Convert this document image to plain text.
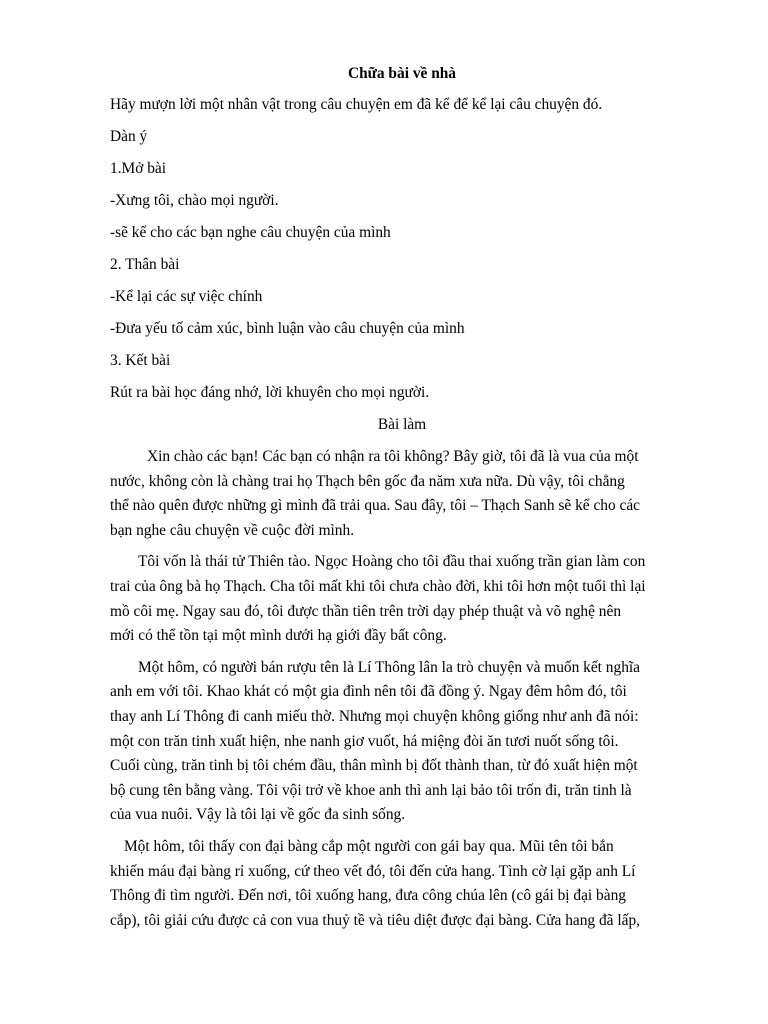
Chữa bài về nhà
Hãy mượn lời một nhân vật trong câu chuyện em đã kể để kể lại câu chuyện đó.
Dàn ý
1.Mở bài
-Xưng tôi, chào mọi người.
-sẽ kể cho các bạn nghe câu chuyện của mình
2. Thân bài
-Kể lại các sự việc chính
-Đưa yếu tố cảm xúc, bình luận vào câu chuyện của mình
3. Kết bài
Rút ra bài học đáng nhớ, lời khuyên cho mọi người.
Bài làm
Xin chào các bạn! Các bạn có nhận ra tôi không? Bây giờ, tôi đã là vua của một
nước, không còn là chàng trai họ Thạch bên gốc đa năm xưa nữa. Dù vậy, tôi chẳng
thể nào quên được những gì mình đã trải qua. Sau đây, tôi – Thạch Sanh sẽ kể cho các
bạn nghe câu chuyện về cuộc đời mình.
Tôi vốn là thái tử Thiên tào. Ngọc Hoàng cho tôi đầu thai xuống trần gian làm con
trai của ông bà họ Thạch. Cha tôi mất khi tôi chưa chào đời, khi tôi hơn một tuổi thì lại
mồ côi mẹ. Ngay sau đó, tôi được thần tiên trên trời dạy phép thuật và võ nghệ nên
mới có thể tồn tại một mình dưới hạ giới đầy bất công.
Một hôm, có người bán rượu tên là Lí Thông lân la trò chuyện và muốn kết nghĩa
anh em với tôi. Khao khát có một gia đình nên tôi đã đồng ý. Ngay đêm hôm đó, tôi
thay anh Lí Thông đi canh miếu thờ. Nhưng mọi chuyện không giống như anh đã nói:
một con trăn tinh xuất hiện, nhe nanh giơ vuốt, há miệng đòi ăn tươi nuốt sống tôi.
Cuối cùng, trăn tinh bị tôi chém đầu, thân mình bị đốt thành than, từ đó xuất hiện một
bộ cung tên bằng vàng. Tôi vội trở về khoe anh thì anh lại bảo tôi trốn đi, trăn tinh là
của vua nuôi. Vậy là tôi lại về gốc đa sinh sống.
Một hôm, tôi thấy con đại bàng cắp một người con gái bay qua. Mũi tên tôi bắn
khiến máu đại bàng rỉ xuống, cứ theo vết đó, tôi đến cửa hang. Tình cờ lại gặp anh Lí
Thông đi tìm người. Đến nơi, tôi xuống hang, đưa công chúa lên (cô gái bị đại bàng
cắp), tôi giải cứu được cả con vua thuỷ tề và tiêu diệt được đại bàng. Cửa hang đã lấp,
